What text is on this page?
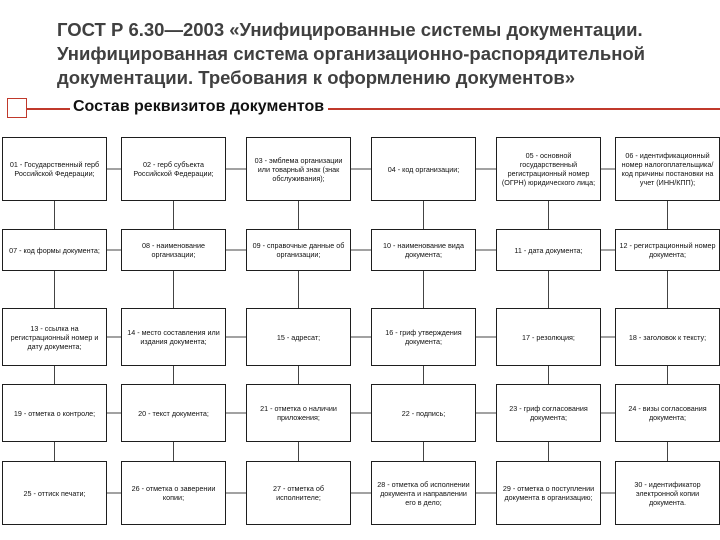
ГОСТ Р 6.30—2003 «Унифицированные системы документации. Унифицированная система организационно-распорядительной документации. Требования к оформлению документов»
Состав реквизитов документов
01 - Государственный герб Российской Федерации;
02 - герб субъекта Российской Федерации;
03 - эмблема организации или товарный знак (знак обслуживания);
04 - код организации;
05 - основной государственный регистрационный номер (ОГРН) юридического лица;
06 - идентификационный номер налогоплательщика/код причины постановки на учет (ИНН/КПП);
07 - код формы документа;	08 - наименование организации;
09 - справочные данные об организации;
10 - наименование вида документа;	11 - дата документа;	12 - регистрационный номер документа;
13 - ссылка на регистрационный номер и дату документа;
14 - место составления или издания документа;	15 - адресат;	16 - гриф утверждения документа;	17 - резолюция;	18 - заголовок к тексту;
19 - отметка о контроле;	20 - текст документа;	21 - отметка о наличии приложения;	22 - подпись;	23 - гриф согласования документа;
24 - визы согласования документа;
25 - оттиск печати;	26 - отметка о заверении копии;
27 - отметка об исполнителе;
28 - отметка об исполнении документа и направлении его в дело;
29 - отметка о поступлении документа в организацию;
30 - идентификатор электронной копии документа.
